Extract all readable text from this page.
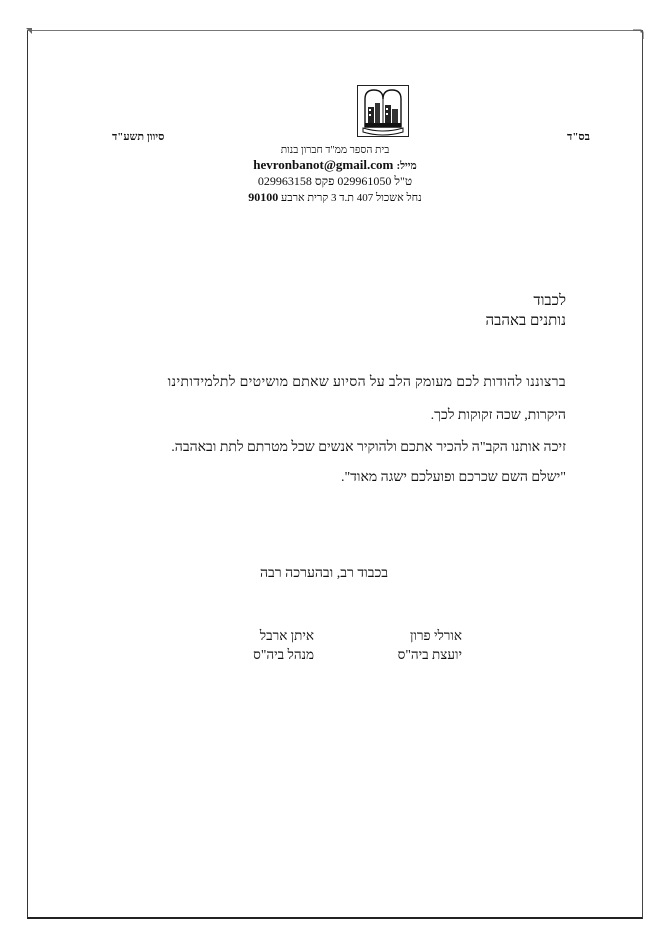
בס"ד
סיוון תשע"ד
בית הספר ממ"ד חברון בנות
מייל: hevronbanot@gmail.com
ט"ל 029961050 פקס 029963158
נחל אשכול 407 ת.ד 3 קרית ארבע 90100
לכבוד
נותנים באהבה
ברצוננו להודות לכם מעומק הלב על הסיוע שאתם מושיטים לתלמידותינו
היקרות, שכה זקוקות לכך.
זיכה אותנו הקב"ה להכיר אתכם ולהוקיר אנשים שכל מטרתם לתת ובאהבה.
"ישלם השם שכרכם ופועלכם ישגה מאוד".
בכבוד רב, ובהערכה רבה
אורלי פרון
יועצת ביה"ס
איתן ארבל
מנהל ביה"ס
